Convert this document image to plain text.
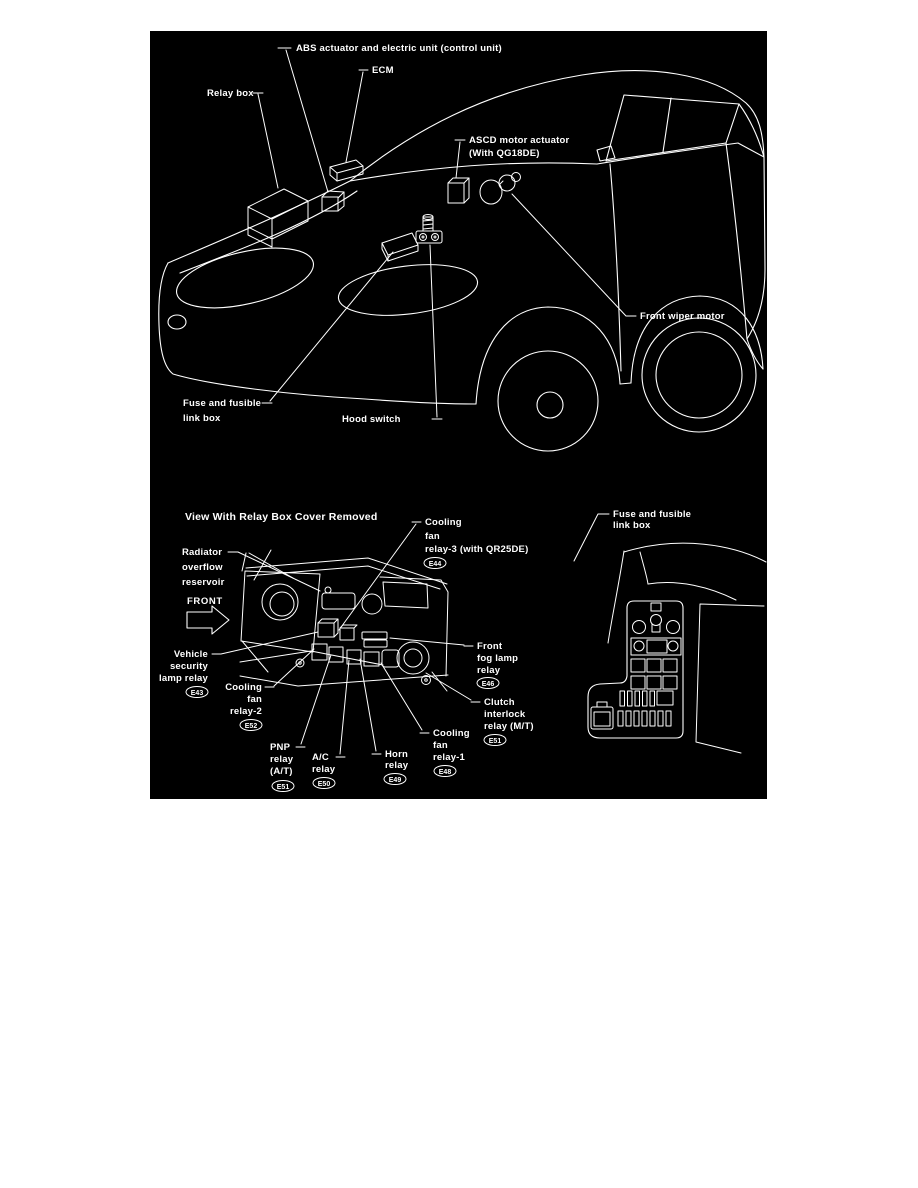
ABS actuator and electric unit (control unit)
ECM
Relay box
ASCD motor actuator
(With QG18DE)
Front wiper motor
Fuse and fusible
link box	Hood switch
View With Relay Box Cover Removed
FRONT
Radiator
overflow
reservoir
Vehicle
security
lamp relay
E43
Cooling
fan
relay-2
E52
PNP
relay
(A/T)
E51
A/C
relay
E50
Horn
relay
E49
Cooling
fan
relay-1
E48
Cooling
fan
relay-3 (with QR25DE)
E44
Front
fog lamp
relay
E46
Clutch
interlock
relay (M/T)
E51
Fuse and fusible
link box
